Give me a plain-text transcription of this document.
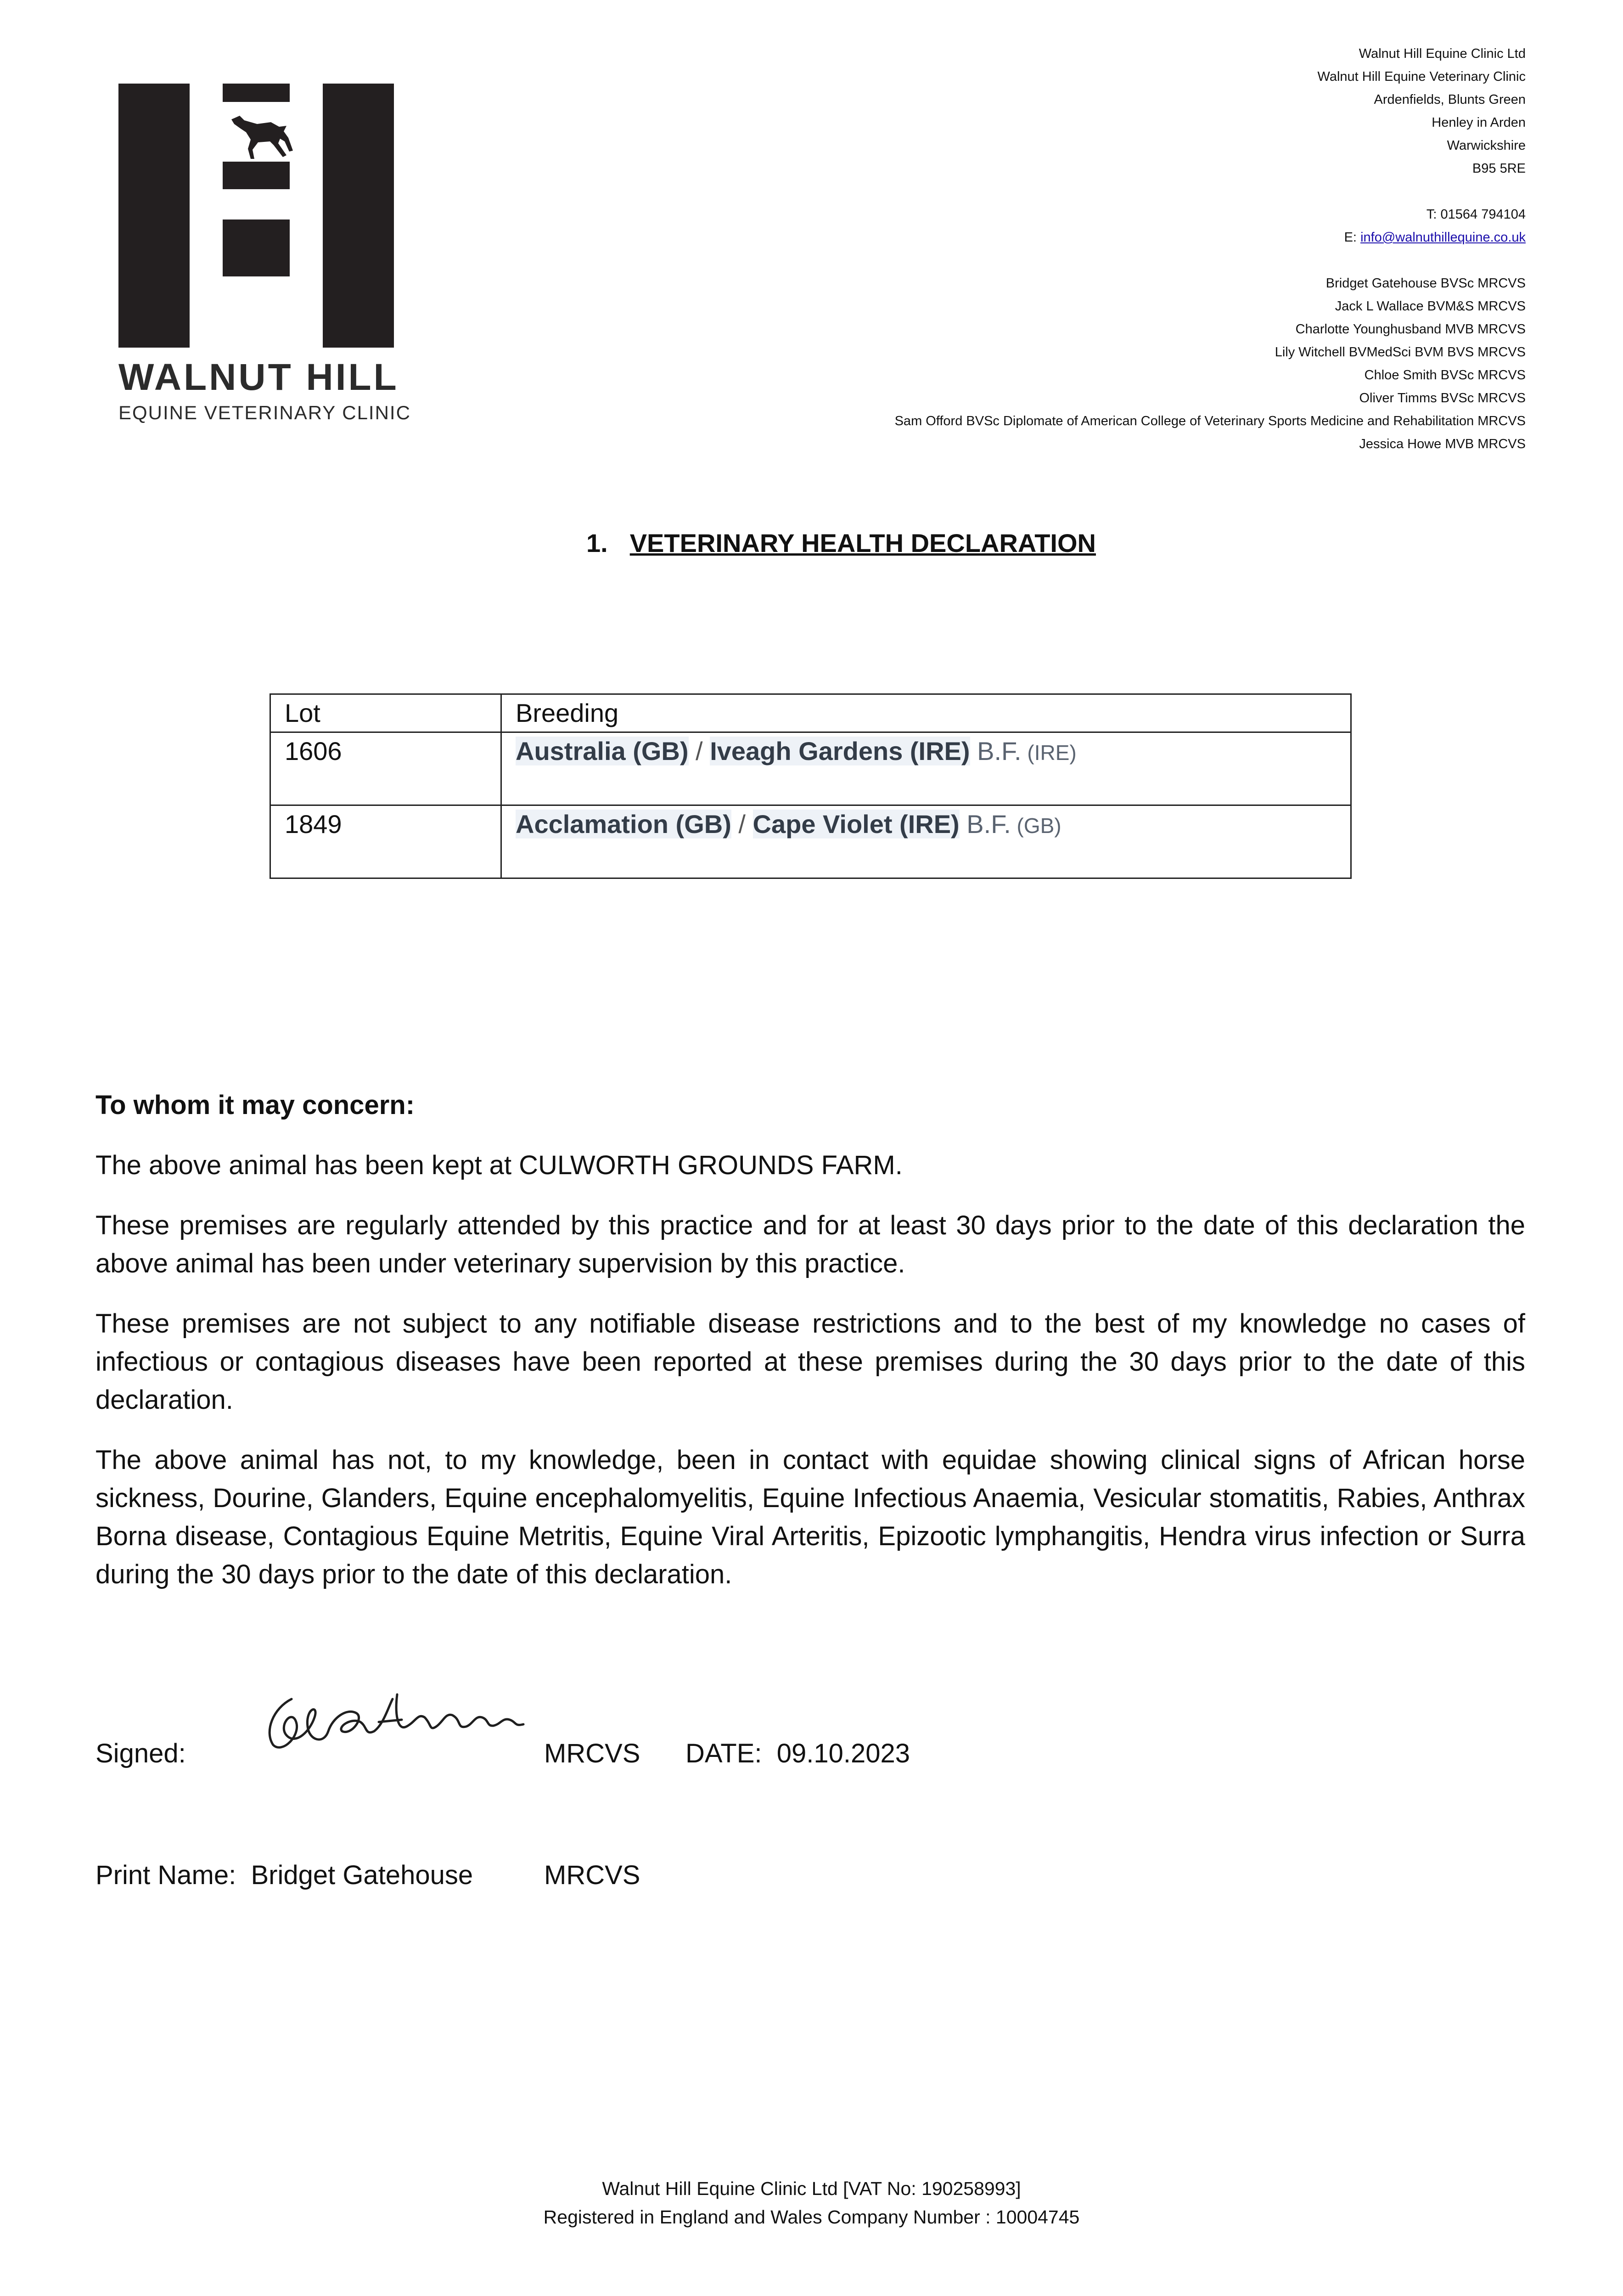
WALNUT HILL
EQUINE VETERINARY CLINIC
Walnut Hill Equine Clinic Ltd
Walnut Hill Equine Veterinary Clinic
Ardenfields, Blunts Green
Henley in Arden
Warwickshire
B95 5RE
T: 01564 794104
E: info@walnuthillequine.co.uk
Bridget Gatehouse BVSc MRCVS
Jack L Wallace BVM&S MRCVS
Charlotte Younghusband MVB MRCVS
Lily Witchell BVMedSci BVM BVS MRCVS
Chloe Smith BVSc MRCVS
Oliver Timms BVSc MRCVS
Sam Offord BVSc Diplomate of American College of Veterinary Sports Medicine and Rehabilitation MRCVS
Jessica Howe MVB MRCVS
1. VETERINARY HEALTH DECLARATION
Lot	Breeding
1606	Australia (GB) / Iveagh Gardens (IRE) B.F. (IRE)
1849	Acclamation (GB) / Cape Violet (IRE) B.F. (GB)
To whom it may concern:

The above animal has been kept at CULWORTH GROUNDS FARM.

These premises are regularly attended by this practice and for at least 30 days prior to the date of this declaration the above animal has been under veterinary supervision by this practice.

These premises are not subject to any notifiable disease restrictions and to the best of my knowledge no cases of infectious or contagious diseases have been reported at these premises during the 30 days prior to the date of this declaration.

The above animal has not, to my knowledge, been in contact with equidae showing clinical signs of African horse sickness, Dourine, Glanders, Equine encephalomyelitis, Equine Infectious Anaemia, Vesicular stomatitis, Rabies, Anthrax Borna disease, Contagious Equine Metritis, Equine Viral Arteritis, Epizootic lymphangitis, Hendra virus infection or Surra during the 30 days prior to the date of this declaration.

Signed:	MRCVS DATE: 09.10.2023
Print Name: Bridget Gatehouse	MRCVS
Walnut Hill Equine Clinic Ltd [VAT No: 190258993]
Registered in England and Wales Company Number : 10004745
